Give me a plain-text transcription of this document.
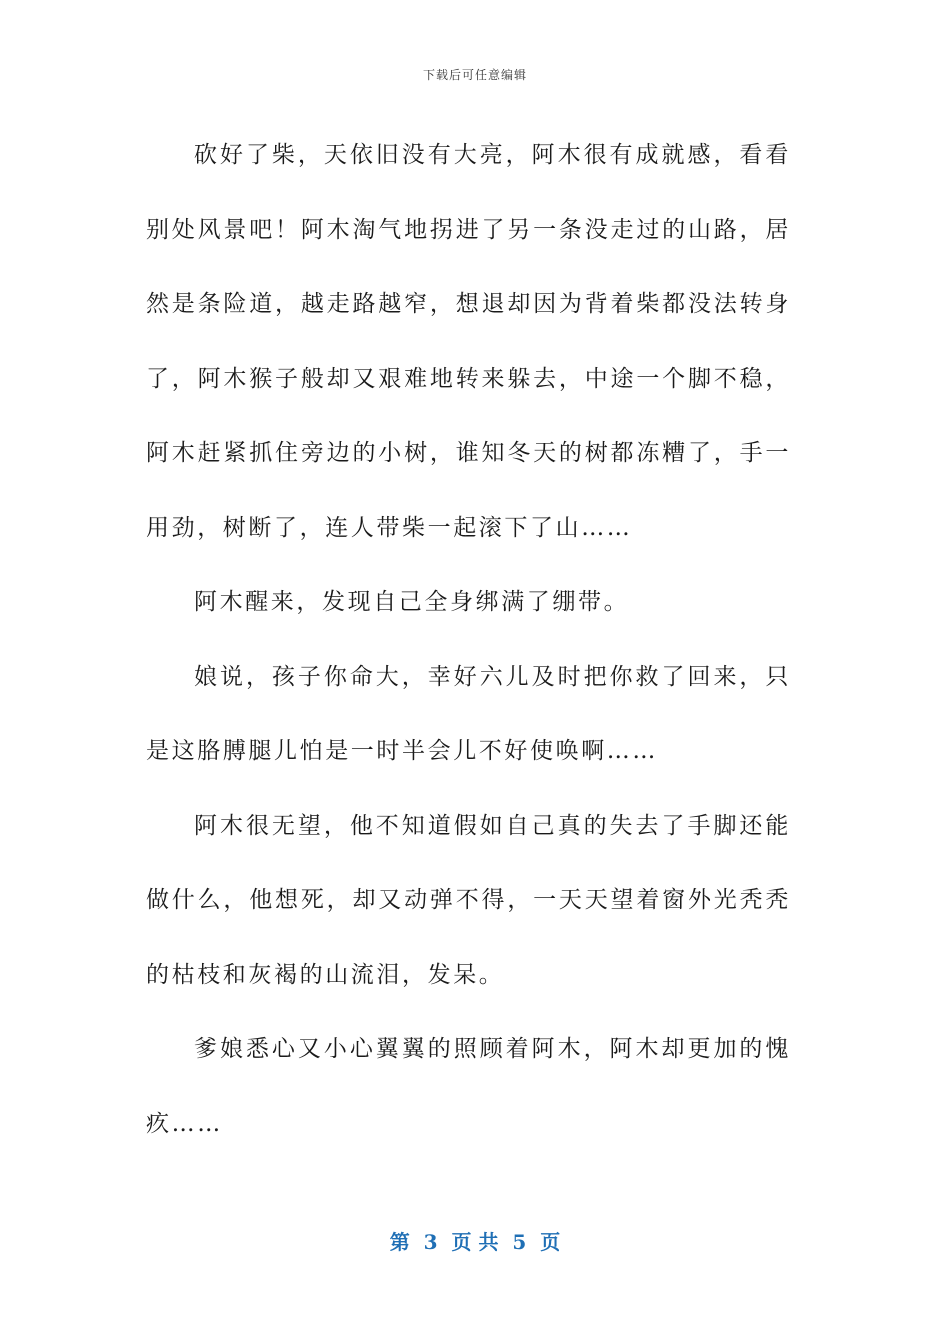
下载后可任意编辑

砍好了柴，天依旧没有大亮，阿木很有成就感，看看别处风景吧！阿木淘气地拐进了另一条没走过的山路，居然是条险道，越走路越窄，想退却因为背着柴都没法转身了，阿木猴子般却又艰难地转来躲去，中途一个脚不稳，阿木赶紧抓住旁边的小树，谁知冬天的树都冻糟了，手一用劲，树断了，连人带柴一起滚下了山……

阿木醒来，发现自己全身绑满了绷带。

娘说，孩子你命大，幸好六儿及时把你救了回来，只是这胳膊腿儿怕是一时半会儿不好使唤啊……

阿木很无望，他不知道假如自己真的失去了手脚还能做什么，他想死，却又动弹不得，一天天望着窗外光秃秃的枯枝和灰褐的山流泪，发呆。

爹娘悉心又小心翼翼的照顾着阿木，阿木却更加的愧疚……

第  3  页 共  5  页
